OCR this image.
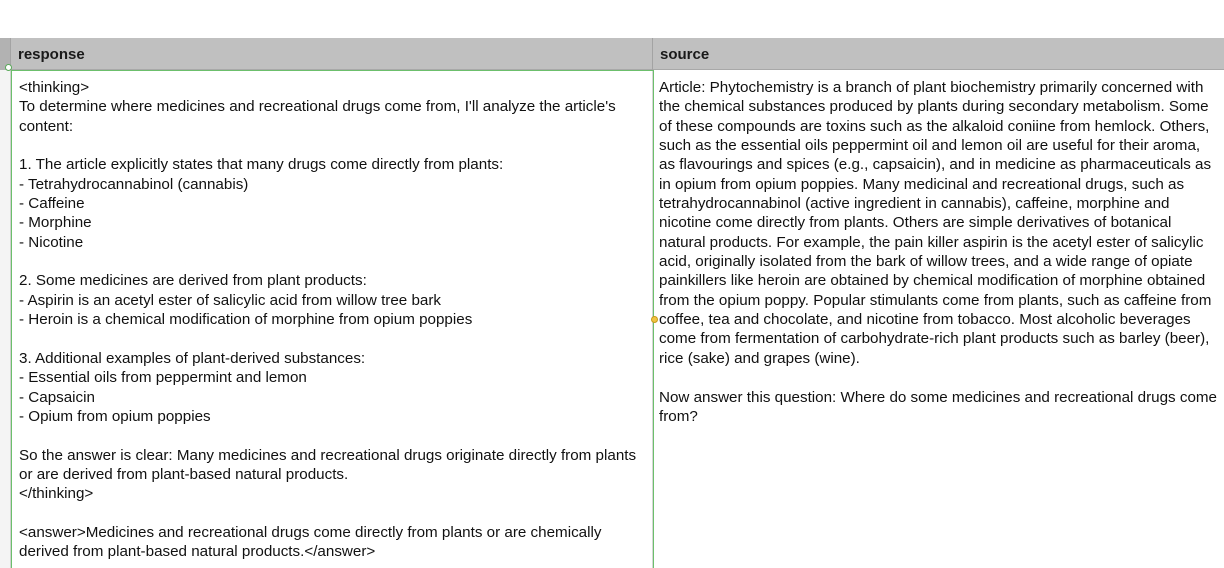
response	source
<thinking>
To determine where medicines and recreational drugs come from, I'll analyze the article's content:

1. The article explicitly states that many drugs come directly from plants:
- Tetrahydrocannabinol (cannabis)
- Caffeine
- Morphine
- Nicotine

2. Some medicines are derived from plant products:
- Aspirin is an acetyl ester of salicylic acid from willow tree bark
- Heroin is a chemical modification of morphine from opium poppies

3. Additional examples of plant-derived substances:
- Essential oils from peppermint and lemon
- Capsaicin
- Opium from opium poppies

So the answer is clear: Many medicines and recreational drugs originate directly from plants or are derived from plant-based natural products.
</thinking>

<answer>Medicines and recreational drugs come directly from plants or are chemically derived from plant-based natural products.</answer>
Article: Phytochemistry is a branch of plant biochemistry primarily concerned with the chemical substances produced by plants during secondary metabolism. Some of these compounds are toxins such as the alkaloid coniine from hemlock. Others, such as the essential oils peppermint oil and lemon oil are useful for their aroma, as flavourings and spices (e.g., capsaicin), and in medicine as pharmaceuticals as in opium from opium poppies. Many medicinal and recreational drugs, such as tetrahydrocannabinol (active ingredient in cannabis), caffeine, morphine and nicotine come directly from plants. Others are simple derivatives of botanical natural products. For example, the pain killer aspirin is the acetyl ester of salicylic acid, originally isolated from the bark of willow trees, and a wide range of opiate painkillers like heroin are obtained by chemical modification of morphine obtained from the opium poppy. Popular stimulants come from plants, such as caffeine from coffee, tea and chocolate, and nicotine from tobacco. Most alcoholic beverages come from fermentation of carbohydrate-rich plant products such as barley (beer), rice (sake) and grapes (wine).

Now answer this question: Where do some medicines and recreational drugs come from?
